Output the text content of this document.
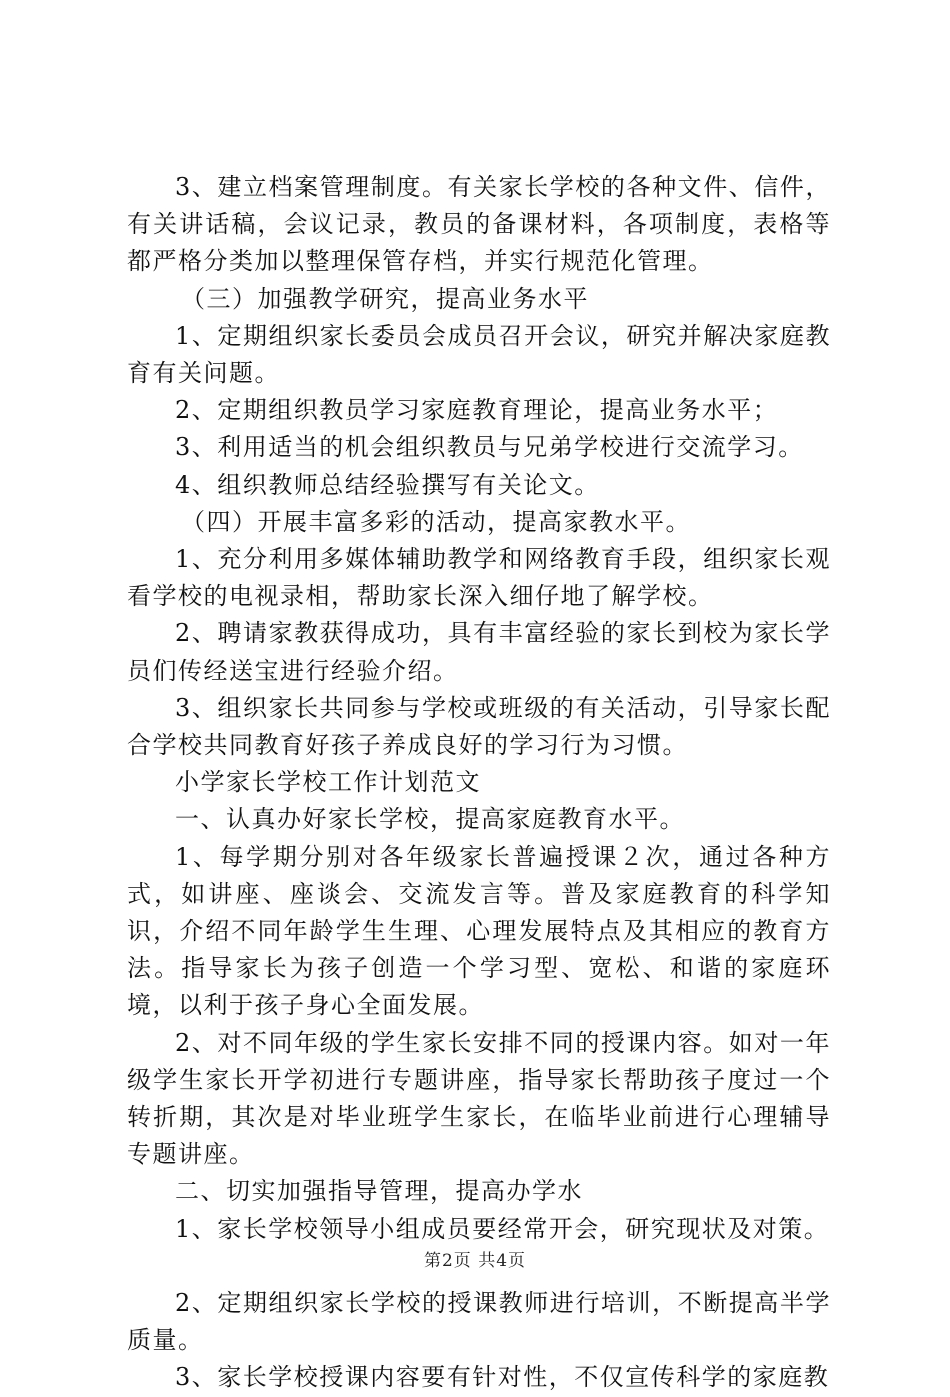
3、建立档案管理制度。有关家长学校的各种文件、信件，有关讲话稿，会议记录，教员的备课材料，各项制度，表格等都严格分类加以整理保管存档，并实行规范化管理。

（三）加强教学研究，提高业务水平

1、定期组织家长委员会成员召开会议，研究并解决家庭教育有关问题。

2、定期组织教员学习家庭教育理论，提高业务水平；

3、利用适当的机会组织教员与兄弟学校进行交流学习。

4、组织教师总结经验撰写有关论文。

（四）开展丰富多彩的活动，提高家教水平。

1、充分利用多媒体辅助教学和网络教育手段，组织家长观看学校的电视录相，帮助家长深入细仔地了解学校。

2、聘请家教获得成功，具有丰富经验的家长到校为家长学员们传经送宝进行经验介绍。

3、组织家长共同参与学校或班级的有关活动，引导家长配合学校共同教育好孩子养成良好的学习行为习惯。

小学家长学校工作计划范文

一、认真办好家长学校，提高家庭教育水平。

1、每学期分别对各年级家长普遍授课２次，通过各种方式，如讲座、座谈会、交流发言等。普及家庭教育的科学知识，介绍不同年龄学生生理、心理发展特点及其相应的教育方法。指导家长为孩子创造一个学习型、宽松、和谐的家庭环境，以利于孩子身心全面发展。

2、对不同年级的学生家长安排不同的授课内容。如对一年级学生家长开学初进行专题讲座，指导家长帮助孩子度过一个转折期，其次是对毕业班学生家长，在临毕业前进行心理辅导专题讲座。

二、切实加强指导管理，提高办学水

1、家长学校领导小组成员要经常开会，研究现状及对策。

2、定期组织家长学校的授课教师进行培训，不断提高半学质量。

3、家长学校授课内容要有针对性，不仅宣传科学的家庭教

第2页 共4页
